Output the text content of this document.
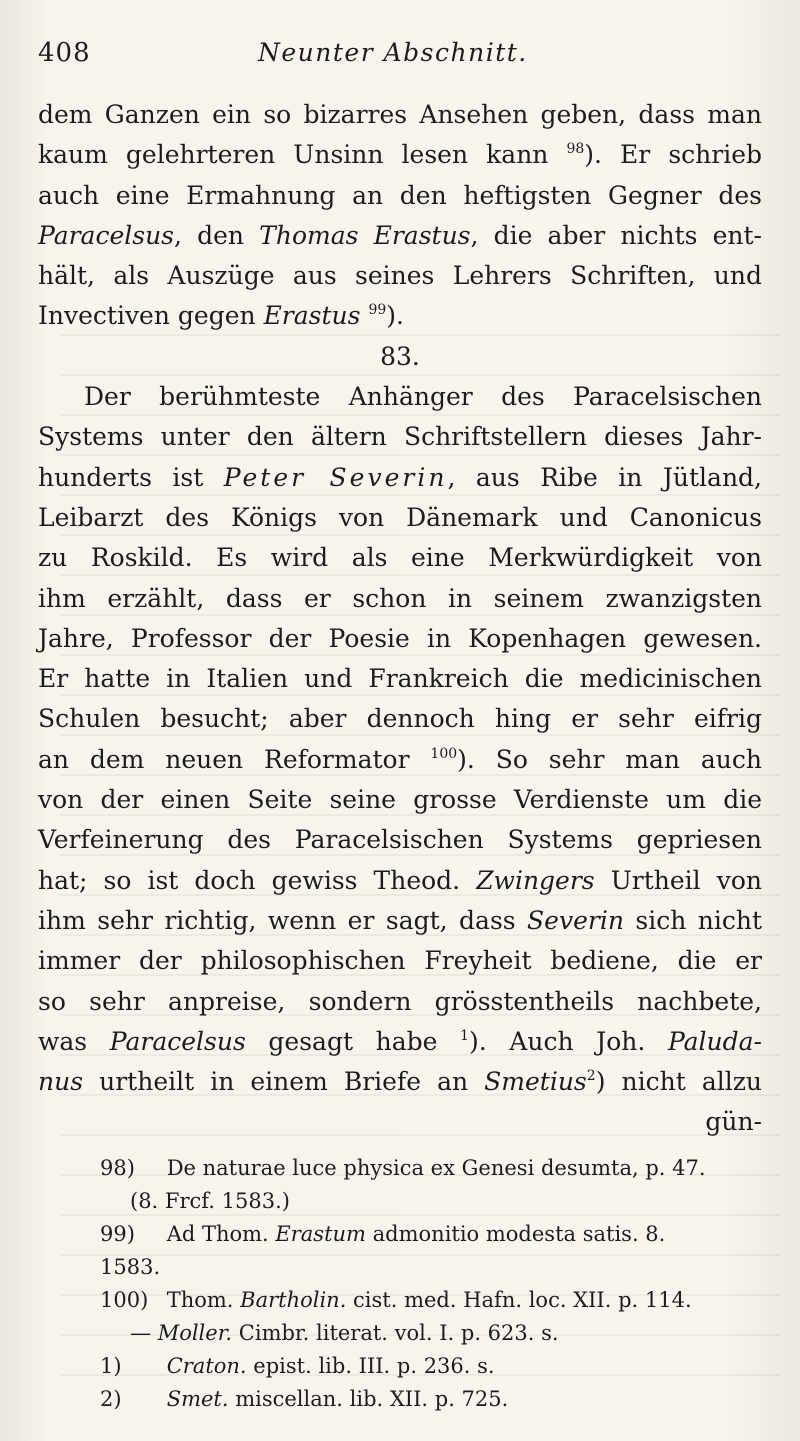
408	Neunter Abschnitt.
dem Ganzen ein so bizarres Ansehen geben, dass man
kaum gelehrteren Unsinn lesen kann $^{98}$). Er schrieb
auch eine Ermahnung an den heftigsten Gegner des
Paracelsus, den Thomas Erastus, die aber nichts ent-
hält, als Auszüge aus seines Lehrers Schriften, und
Invectiven gegen Erastus $^{99}$).
83.
Der berühmteste Anhänger des Paracelsischen
Systems unter den ältern Schriftstellern dieses Jahr-
hunderts ist Peter Severin, aus Ribe in Jütland,
Leibarzt des Königs von Dänemark und Canonicus
zu Roskild. Es wird als eine Merkwürdigkeit von
ihm erzählt, dass er schon in seinem zwanzigsten
Jahre, Professor der Poesie in Kopenhagen gewesen.
Er hatte in Italien und Frankreich die medicinischen
Schulen besucht; aber dennoch hing er sehr eifrig
an dem neuen Reformator $^{100}$). So sehr man auch
von der einen Seite seine grosse Verdienste um die
Verfeinerung des Paracelsischen Systems gepriesen
hat; so ist doch gewiss Theod. Zwingers Urtheil von
ihm sehr richtig, wenn er sagt, dass Severin sich nicht
immer der philosophischen Freyheit bediene, die er
so sehr anpreise, sondern grösstentheils nachbete,
was Paracelsus gesagt habe $^1$). Auch Joh. Paluda-
nus urtheilt in einem Briefe an Smetius$^2$) nicht allzu
gün-
98) De naturae luce physica ex Genesi desumta, p. 47.
(8. Frcf. 1583.)
99) Ad Thom. Erastum admonitio modesta satis. 8.
1583.
100) Thom. Bartholin. cist. med. Hafn. loc. XII. p. 114.
— Moller. Cimbr. literat. vol. I. p. 623. s.
1) Craton. epist. lib. III. p. 236. s.
2) Smet. miscellan. lib. XII. p. 725.
